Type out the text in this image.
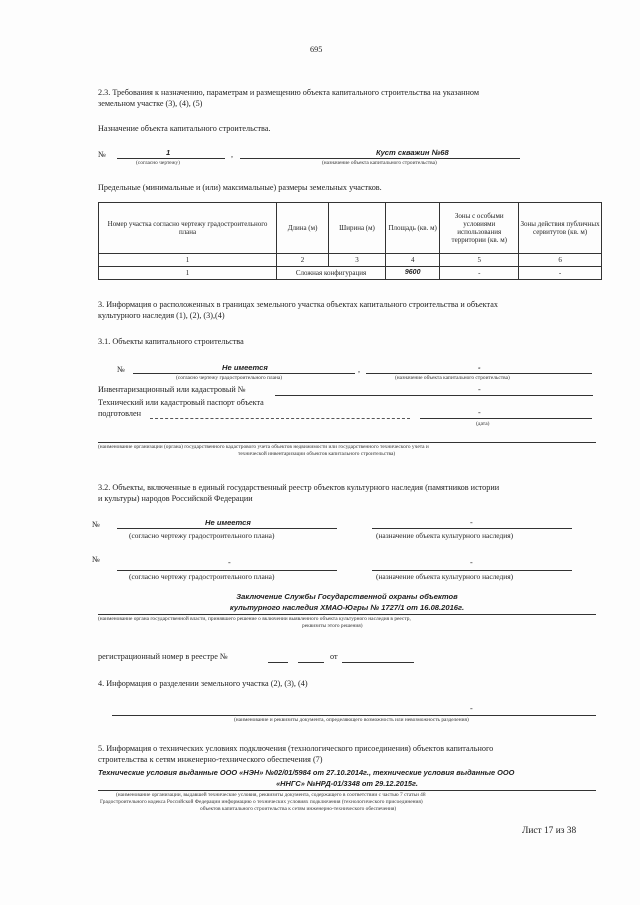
695
2.3. Требования к назначению, параметрам и размещению объекта капитального строительства на указанном
земельном участке (3), (4), (5)
Назначение объекта капитального строительства.
№	1	,	Куст скважин №68
(согласно чертежу)	(назначение объекта капитального строительства)
Предельные (минимальные и (или) максимальные) размеры земельных участков.
Номер участка согласно чертежу градостроительного плана	Длина (м)	Ширина (м)	Площадь (кв. м)	Зоны с особыми условиями использования территории (кв. м)	Зоны действия публичных сервитутов (кв. м)
1	2	3	4	5	6
1	Сложная конфигурация		9600	-	-
3. Информация о расположенных в границах земельного участка объектах капитального строительства и объектах
культурного наследия (1), (2), (3),(4)
3.1. Объекты капитального строительства
№	Не имеется	,	-
(согласно чертежу градостроительного плана)	(назначение объекта капитального строительства)
Инвентаризационный или кадастровый №	-
Технический или кадастровый паспорт объекта
подготовлен	-
(дата)
(наименование организации (органа) государственного кадастрового учета объектов недвижимости или государственного технического учета и
технической инвентаризации объектов капитального строительства)
3.2. Объекты, включенные в единый государственный реестр объектов культурного наследия (памятников истории
и культуры) народов Российской Федерации
№	Не имеется	-
(согласно чертежу градостроительного плана)	(назначение объекта культурного наследия)
№	-	-
(согласно чертежу градостроительного плана)	(назначение объекта культурного наследия)
Заключение Службы Государственной охраны объектов
культурного наследия ХМАО-Югры № 1727/1 от 16.08.2016г.
(наименование органа государственной власти, принявшего решение о включении выявленного объекта культурного наследия в реестр,
реквизиты этого решения)
регистрационный номер в реестре №	от
4. Информация о разделении земельного участка (2), (3), (4)
-
(наименование и реквизиты документа, определяющего возможность или невозможность разделения)
5. Информация о технических условиях подключения (технологического присоединения) объектов капитального
строительства к сетям инженерно-технического обеспечения (7)
Технические условия выданные ООО «НЭН» №02/01/5984 от 27.10.2014г., технические условия выданные ООО
«ННГС» №НРД-01/3348 от 29.12.2015г.
(наименование организации, выдавшей технические условия, реквизиты документа, содержащего в соответствии с частью 7 статьи 48
Градостроительного кодекса Российской Федерации информацию о технических условиях подключения (технологического присоединения)
объектов капитального строительства к сетям инженерно-технического обеспечения)
Лист 17 из 38
